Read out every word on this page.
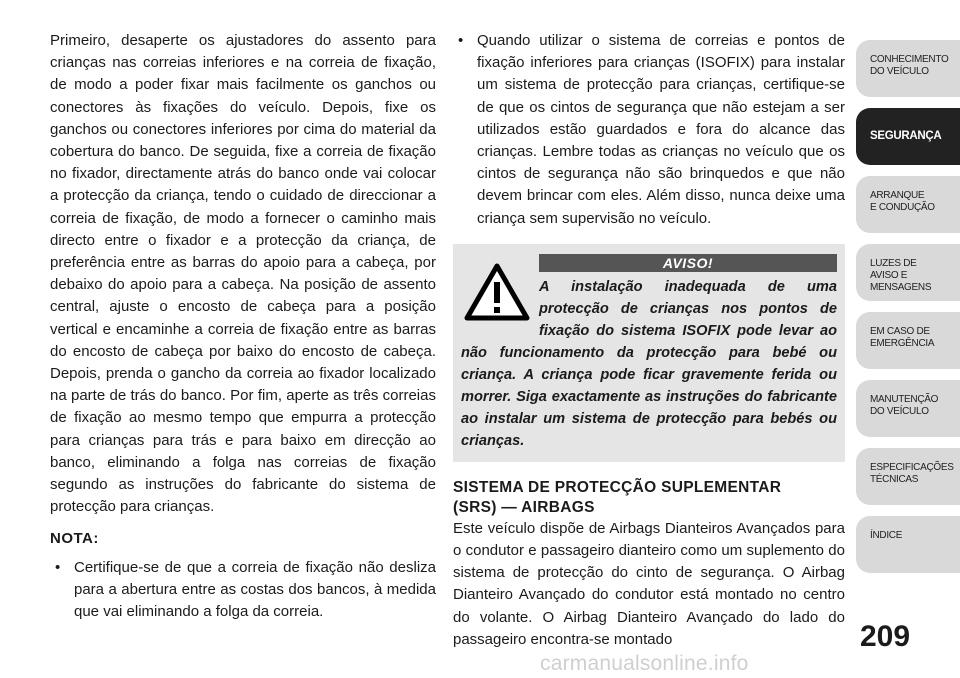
Primeiro, desaperte os ajustadores do assento para crianças nas correias inferiores e na correia de fixação, de modo a poder fixar mais facilmente os ganchos ou conectores às fixações do veículo. Depois, fixe os ganchos ou conectores inferiores por cima do material da cobertura do banco. De seguida, fixe a correia de fixação no fixador, directamente atrás do banco onde vai colocar a protecção da criança, tendo o cuidado de direccionar a correia de fixação, de modo a fornecer o caminho mais directo entre o fixador e a protecção da criança, de preferência entre as barras do apoio para a cabeça, por debaixo do apoio para a cabeça. Na posição de assento central, ajuste o encosto de cabeça para a posição vertical e encaminhe a correia de fixação entre as barras do encosto de cabeça por baixo do encosto de cabeça. Depois, prenda o gancho da correia ao fixador localizado na parte de trás do banco. Por fim, aperte as três correias de fixação ao mesmo tempo que empurra a protecção para crianças para trás e para baixo em direcção ao banco, eliminando a folga nas correias de fixação segundo as instruções do fabricante do sistema de protecção para crianças.

NOTA:
• Certifique-se de que a correia de fixação não desliza para a abertura entre as costas dos bancos, à medida que vai eliminando a folga da correia.
• Quando utilizar o sistema de correias e pontos de fixação inferiores para crianças (ISOFIX) para instalar um sistema de protecção para crianças, certifique-se de que os cintos de segurança que não estejam a ser utilizados estão guardados e fora do alcance das crianças. Lembre todas as crianças no veículo que os cintos de segurança não são brinquedos e que não devem brincar com eles. Além disso, nunca deixe uma criança sem supervisão no veículo.
AVISO!
A instalação inadequada de uma protecção de crianças nos pontos de fixação do sistema ISOFIX pode levar ao não funcionamento da protecção para bebé ou criança. A criança pode ficar gravemente ferida ou morrer. Siga exactamente as instruções do fabricante ao instalar um sistema de protecção para bebés ou crianças.
SISTEMA DE PROTECÇÃO SUPLEMENTAR
(SRS) — AIRBAGS

Este veículo dispõe de Airbags Dianteiros Avançados para o condutor e passageiro dianteiro como um suplemento do sistema de protecção do cinto de segurança. O Airbag Dianteiro Avançado do condutor está montado no centro do volante. O Airbag Dianteiro Avançado do lado do passageiro encontra-se montado

CONHECIMENTO
DO VEÍCULO
SEGURANÇA
ARRANQUE
E CONDUÇÃO
LUZES DE
AVISO E
MENSAGENS
EM CASO DE
EMERGÊNCIA
MANUTENÇÃO
DO VEÍCULO
ESPECIFICAÇÕES
TÉCNICAS
ÍNDICE
209
carmanualsonline.info
